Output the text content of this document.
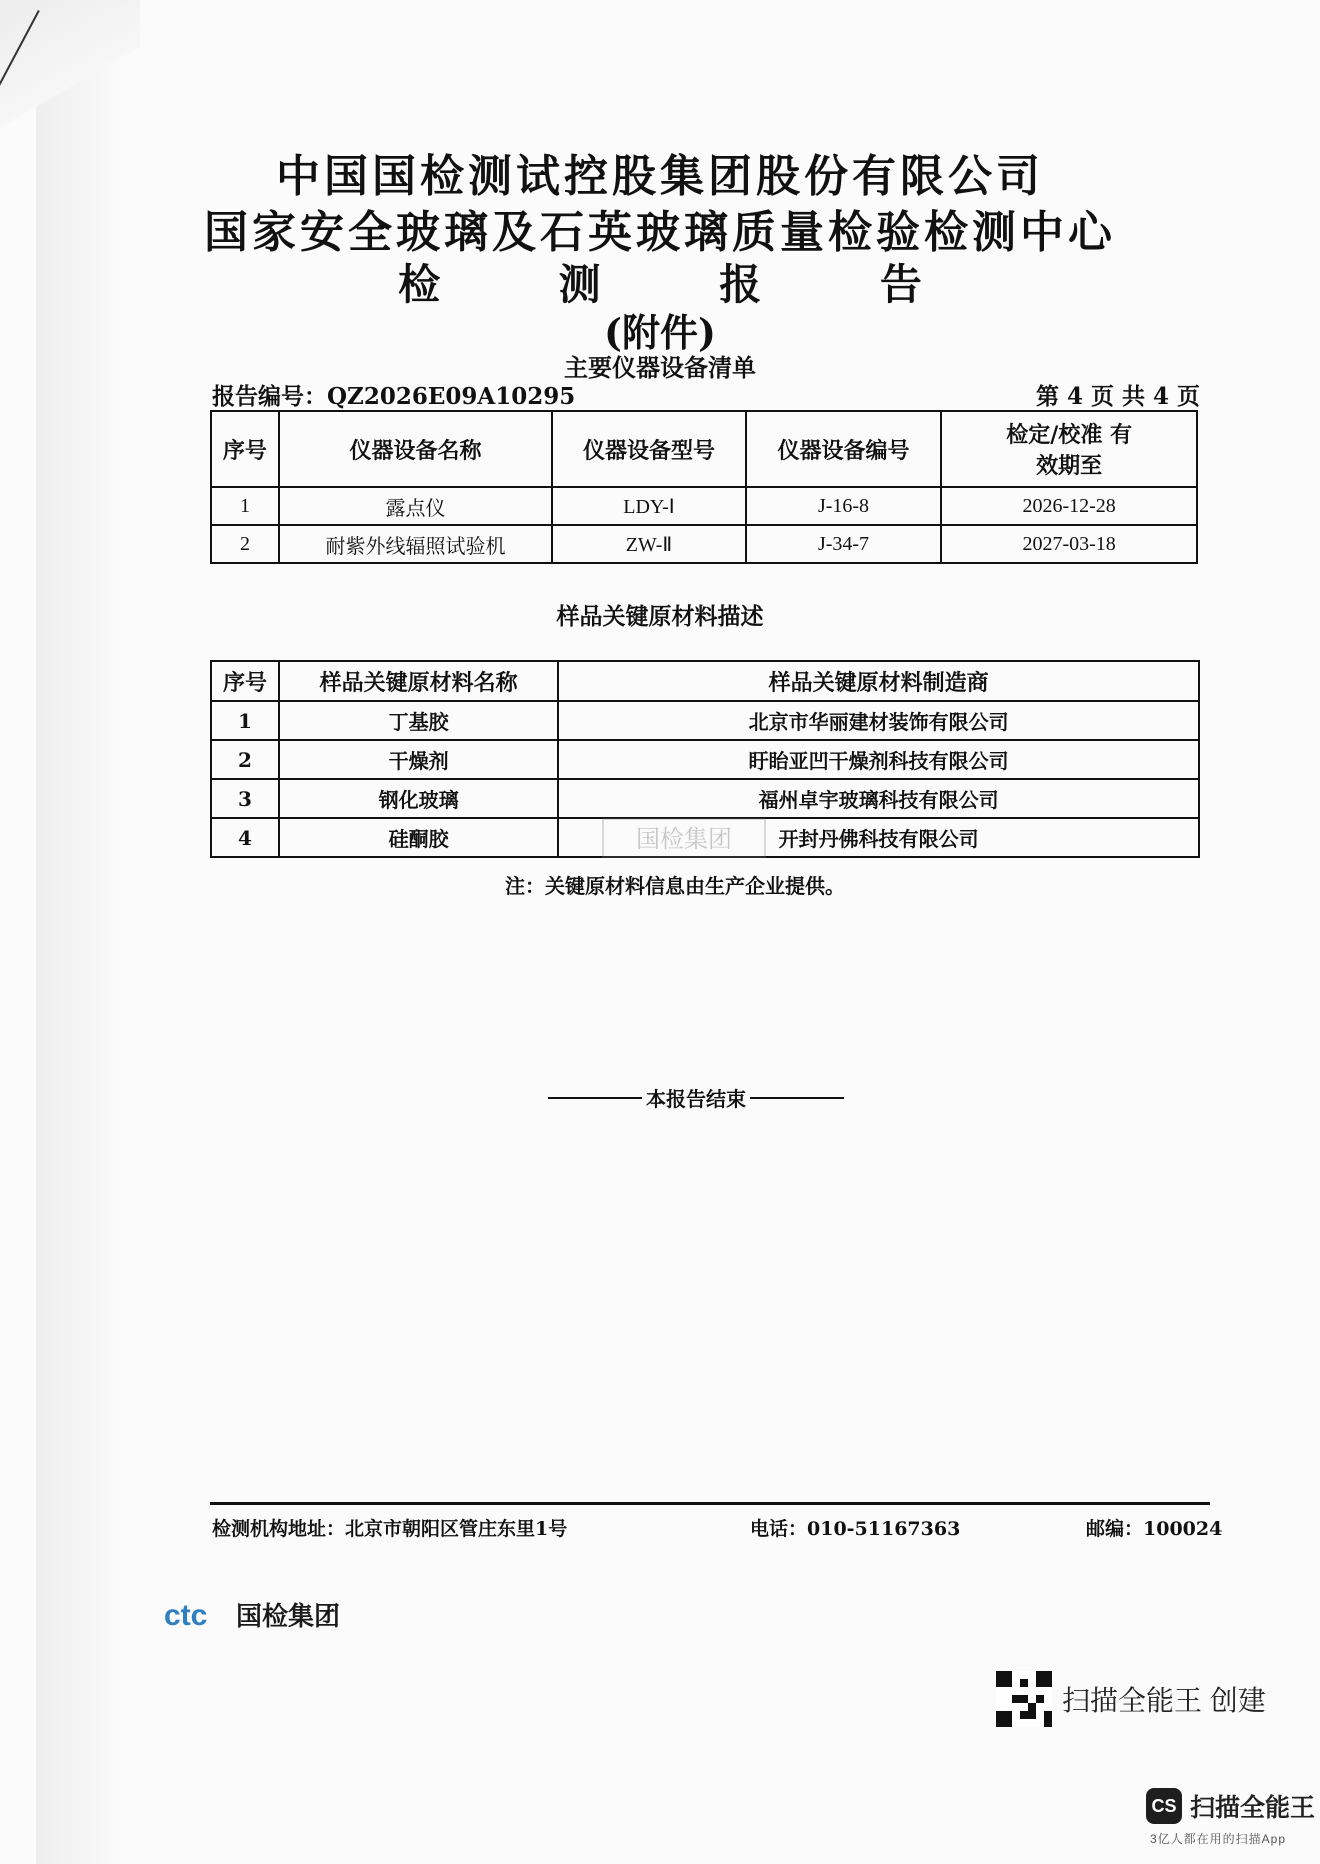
中国国检测试控股集团股份有限公司
国家安全玻璃及石英玻璃质量检验检测中心
检 测 报 告
(附件)
主要仪器设备清单
报告编号：QZ2026E09A10295	第 4 页 共 4 页
序号	仪器设备名称	仪器设备型号	仪器设备编号	检定/校准 有效期至
1	露点仪	LDY-Ⅰ	J-16-8	2026-12-28
2	耐紫外线辐照试验机	ZW-Ⅱ	J-34-7	2027-03-18
样品关键原材料描述
序号	样品关键原材料名称	样品关键原材料制造商
1	丁基胶	北京市华丽建材装饰有限公司
2	干燥剂	盱眙亚凹干燥剂科技有限公司
3	钢化玻璃	福州卓宇玻璃科技有限公司
4	硅酮胶	开封丹佛科技有限公司
国检集团
注：关键原材料信息由生产企业提供。
本报告结束
检测机构地址：北京市朝阳区管庄东里1号	电话：010-51167363	邮编：100024
ctc 国检集团
扫描全能王 创建
CS 扫描全能王
3亿人都在用的扫描App
